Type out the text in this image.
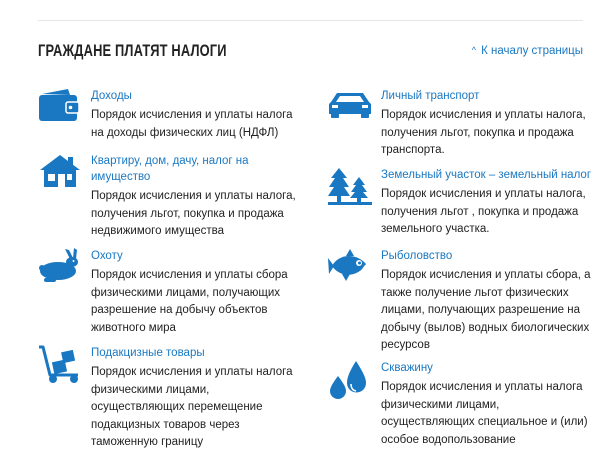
ГРАЖДАНЕ ПЛАТЯТ НАЛОГИ	^ К началу страницы
Доходы
Порядок исчисления и уплаты налога на доходы физических лиц (НДФЛ)
Квартиру, дом, дачу, налог на имущество
Порядок исчисления и уплаты налога, получения льгот, покупка и продажа недвижимого имущества
Охоту
Порядок исчисления и уплаты сбора физическими лицами, получающих разрешение на добычу объектов животного мира
Подакцизные товары
Порядок исчисления и уплаты налога физическими лицами, осуществляющих перемещение подакцизных товаров через таможенную границу
Личный транспорт
Порядок исчисления и уплаты налога, получения льгот, покупка и продажа транспорта.
Земельный участок – земельный налог
Порядок исчисления и уплаты налога, получения льгот , покупка и продажа земельного участка.
Рыболовство
Порядок исчисления и уплаты сбора, а также получение льгот физических лицами, получающих разрешение на добычу (вылов) водных биологических ресурсов
Скважину
Порядок исчисления и уплаты налога физическими лицами, осуществляющих специальное и (или) особое водопользование
